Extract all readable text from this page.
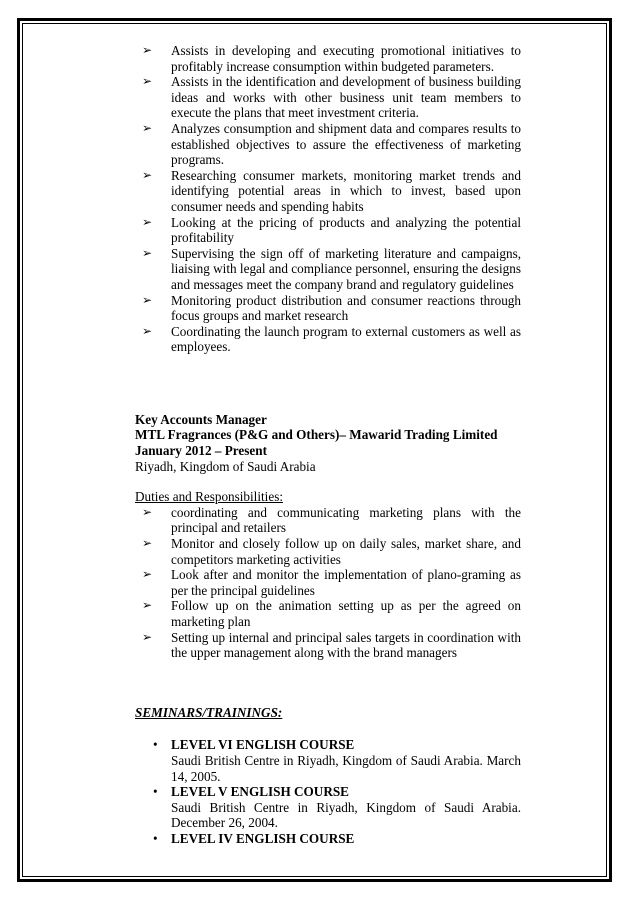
➢ Assists in developing and executing promotional initiatives to profitably increase consumption within budgeted parameters.
➢ Assists in the identification and development of business building ideas and works with other business unit team members to execute the plans that meet investment criteria.
➢ Analyzes consumption and shipment data and compares results to established objectives to assure the effectiveness of marketing programs.
➢ Researching consumer markets, monitoring market trends and identifying potential areas in which to invest, based upon consumer needs and spending habits
➢ Looking at the pricing of products and analyzing the potential profitability
➢ Supervising the sign off of marketing literature and campaigns, liaising with legal and compliance personnel, ensuring the designs and messages meet the company brand and regulatory guidelines
➢ Monitoring product distribution and consumer reactions through focus groups and market research
➢ Coordinating the launch program to external customers as well as employees.

Key Accounts Manager

MTL Fragrances (P&G and Others)– Mawarid Trading Limited

January 2012 – Present

Riyadh, Kingdom of Saudi Arabia

Duties and Responsibilities:

➢ coordinating and communicating marketing plans with the principal and retailers
➢ Monitor and closely follow up on daily sales, market share, and competitors marketing activities
➢ Look after and monitor the implementation of plano-graming as per the principal guidelines
➢ Follow up on the animation setting up as per the agreed on marketing plan
➢ Setting up internal and principal sales targets in coordination with the upper management along with the brand managers
SEMINARS/TRAININGS:
• LEVEL VI ENGLISH COURSE
Saudi British Centre in Riyadh, Kingdom of Saudi Arabia. March 14, 2005.
• LEVEL V ENGLISH COURSE
Saudi British Centre in Riyadh, Kingdom of Saudi Arabia. December 26, 2004.
• LEVEL IV ENGLISH COURSE
